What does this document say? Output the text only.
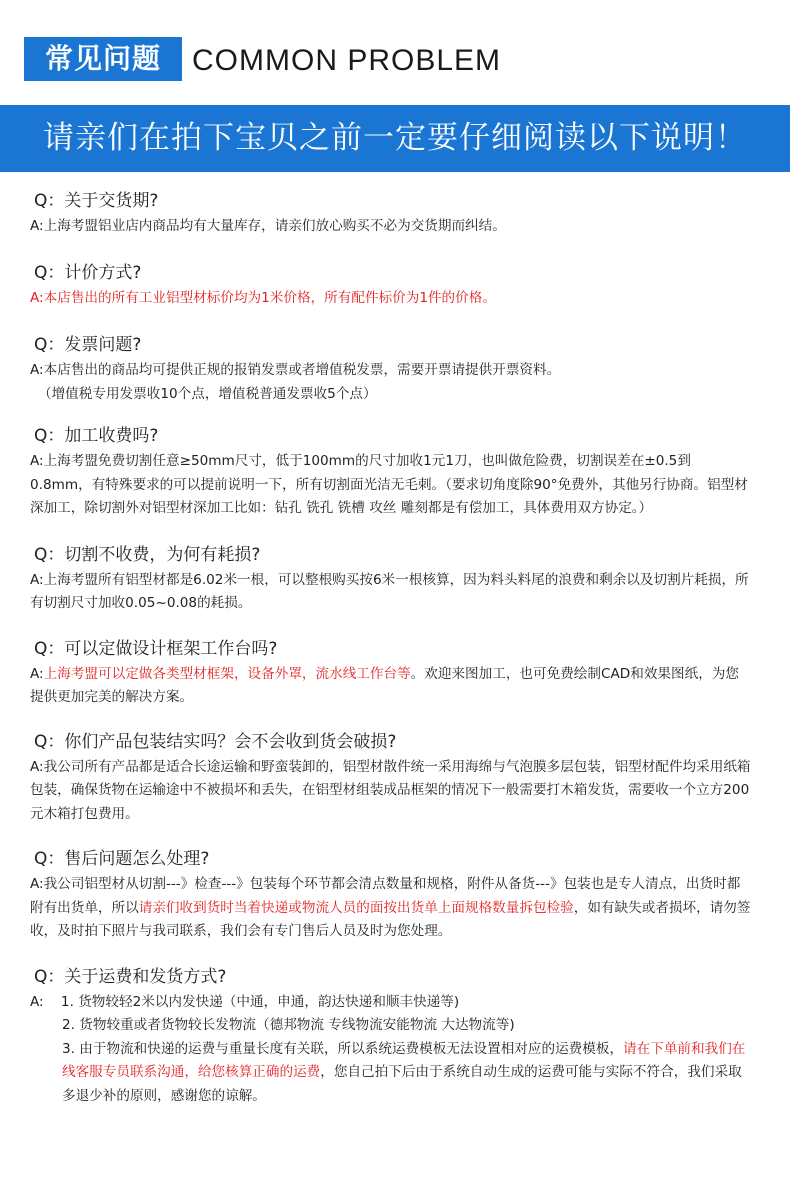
常见问题	COMMON PROBLEM
请亲们在拍下宝贝之前一定要仔细阅读以下说明！
Q：关于交货期?
A:上海考盟铝业店内商品均有大量库存，请亲们放心购买不必为交货期而纠结。
Q：计价方式?
A:本店售出的所有工业铝型材标价均为1米价格，所有配件标价为1件的价格。
Q：发票问题?
A:本店售出的商品均可提供正规的报销发票或者增值税发票，需要开票请提供开票资料。
（增值税专用发票收10个点，增值税普通发票收5个点）
Q：加工收费吗?
A:上海考盟免费切割任意≥50mm尺寸，低于100mm的尺寸加收1元1刀，也叫做危险费，切割误差在±0.5到0.8mm，有特殊要求的可以提前说明一下，所有切割面光洁无毛刺。（要求切角度除90°免费外，其他另行协商。铝型材深加工，除切割外对铝型材深加工比如：钻孔 铣孔 铣槽 攻丝 雕刻都是有偿加工，具体费用双方协定。）
Q：切割不收费，为何有耗损?
A:上海考盟所有铝型材都是6.02米一根，可以整根购买按6米一根核算，因为料头料尾的浪费和剩余以及切割片耗损，所有切割尺寸加收0.05~0.08的耗损。
Q：可以定做设计框架工作台吗?
A:上海考盟可以定做各类型材框架，设备外罩，流水线工作台等。欢迎来图加工，也可免费绘制CAD和效果图纸，为您提供更加完美的解决方案。
Q：你们产品包装结实吗？会不会收到货会破损?
A:我公司所有产品都是适合长途运输和野蛮装卸的，铝型材散件统一采用海绵与气泡膜多层包装，铝型材配件均采用纸箱包装，确保货物在运输途中不被损坏和丢失，在铝型材组装成品框架的情况下一般需要打木箱发货，需要收一个立方200元木箱打包费用。
Q：售后问题怎么处理?
A:我公司铝型材从切割---》检查---》包装每个环节都会清点数量和规格，附件从备货---》包装也是专人清点，出货时都附有出货单，所以请亲们收到货时当着快递或物流人员的面按出货单上面规格数量拆包检验，如有缺失或者损坏，请勿签收，及时拍下照片与我司联系，我们会有专门售后人员及时为您处理。
Q：关于运费和发货方式?
A:    1. 货物较轻2米以内发快递（中通，申通，韵达快递和顺丰快递等)
2. 货物较重或者货物较长发物流（德邦物流 专线物流安能物流 大达物流等)
3. 由于物流和快递的运费与重量长度有关联，所以系统运费模板无法设置相对应的运费模板，请在下单前和我们在线客服专员联系沟通，给您核算正确的运费，您自己拍下后由于系统自动生成的运费可能与实际不符合，我们采取多退少补的原则，感谢您的谅解。
